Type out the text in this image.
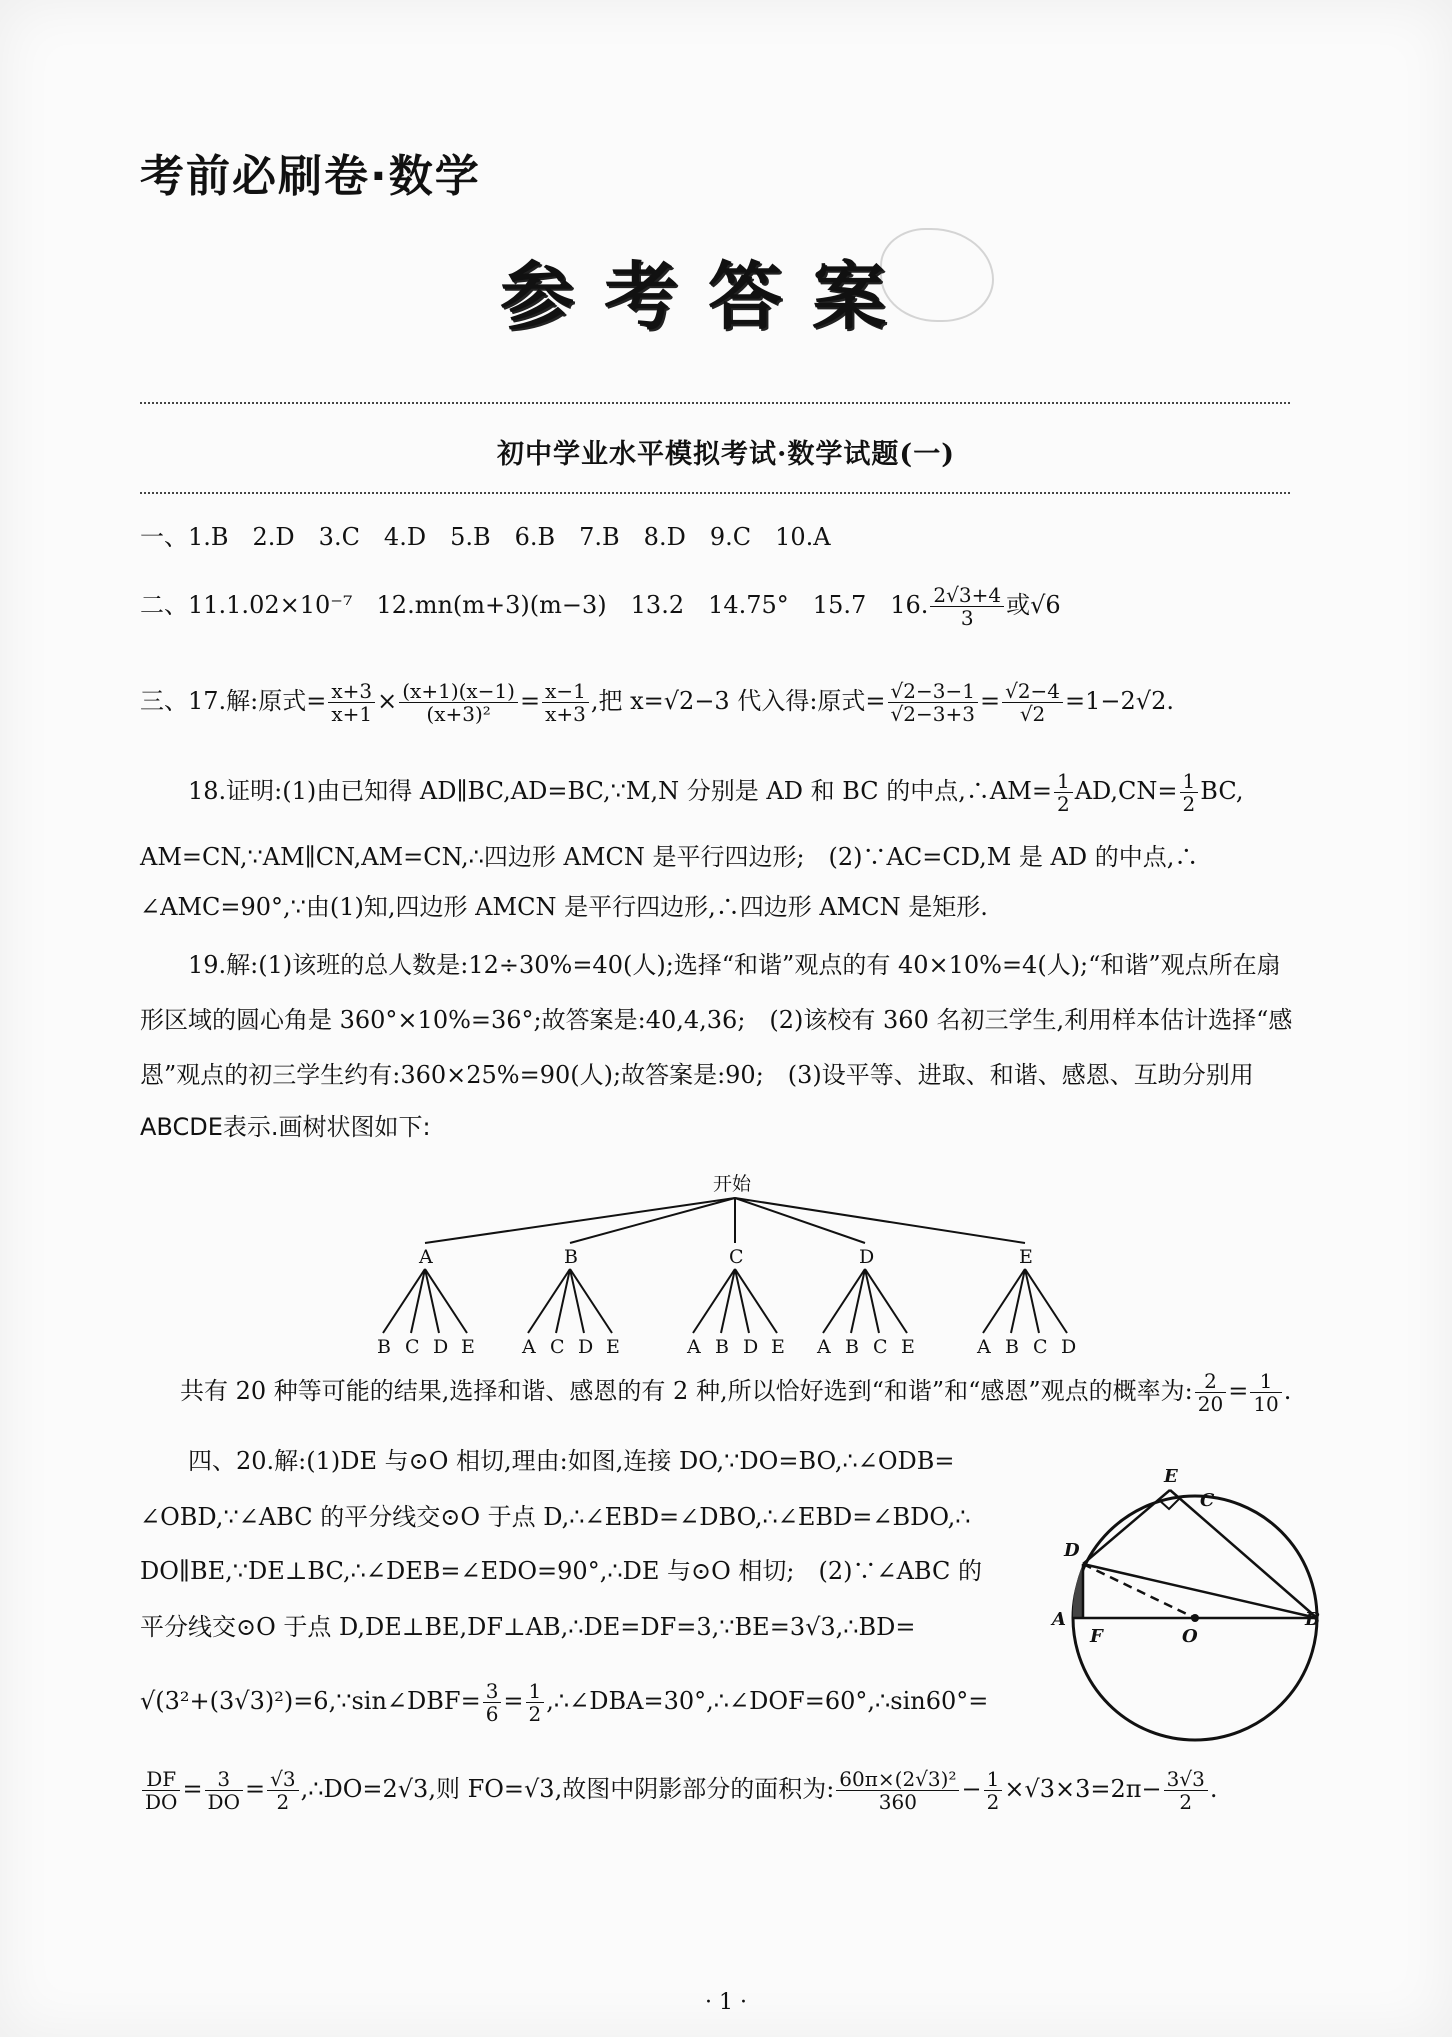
考前必刷卷·数学
参考答案
初中学业水平模拟考试·数学试题(一)
一、1.B　2.D　3.C　4.D　5.B　6.B　7.B　8.D　9.C　10.A
二、11.1.02×10⁻⁷　12.mn(m+3)(m−3)　13.2　14.75°　15.7　16. $\frac{2√3+4}{3}$ 或√6
三、17.解:原式= $\frac{x+3}{x+1} \times \frac{(x+1)(x-1)}{\text{(x+3)²}} = \frac{x-1}{x+3}$ ,把 x=√2−3 代入得:原式= $\frac{√2-3-1}{√2-3+3} = \frac{√2-4}{√2} =1-2√2$.
18.证明:(1)由已知得 AD∥BC,AD=BC,∵M,N 分别是 AD 和 BC 的中点,∴AM= $\frac{1}{2} AD,CN= \frac{1}{2}$ BC,
AM=CN,∵AM∥CN,AM=CN,∴四边形 AMCN 是平行四边形;　(2)∵AC=CD,M 是 AD 的中点,∴
∠AMC=90°,∵由(1)知,四边形 AMCN 是平行四边形,∴四边形 AMCN 是矩形.
19.解:(1)该班的总人数是:12÷30%=40(人);选择“和谐”观点的有 40×10%=4(人);“和谐”观点所在扇
形区域的圆心角是 360°×10%=36°;故答案是:40,4,36;　(2)该校有 360 名初三学生,利用样本估计选择“感
恩”观点的初三学生约有:360×25%=90(人);故答案是:90;　(3)设平等、进取、和谐、感恩、互助分别用
ABCDE表示.画树状图如下:
开始
A
B C D E
B
A C D E
C
A B D E
D
A B C E
E
A B C D
共有 20 种等可能的结果,选择和谐、感恩的有 2 种,所以恰好选到“和谐”和“感恩”观点的概率为: $\frac{2}{20} = \frac{1}{10}$ .
四、20.解:(1)DE 与⊙O 相切,理由:如图,连接 DO,∵DO=BO,∴∠ODB=
∠OBD,∵∠ABC 的平分线交⊙O 于点 D,∴∠EBD=∠DBO,∴∠EBD=∠BDO,∴
DO∥BE,∵DE⊥BC,∴∠DEB=∠EDO=90°,∴DE 与⊙O 相切;　(2)∵∠ABC 的
平分线交⊙O 于点 D,DE⊥BE,DF⊥AB,∴DE=DF=3,∵BE=3√3,∴BD=
√(3²+(3√3)²)=6,∵sin∠DBF= $\frac{3}{6} = \frac{1}{2}$ ,∴∠DBA=30°,∴∠DOF=60°,∴sin60°=
$\frac{DF}{DO} = \frac{3}{DO} = \frac{√3}{2}$ ,∴DO=2√3,则 FO=√3,故图中阴影部分的面积为: $\frac{\text{60π×(2√3)²}}{360} - \frac{1}{2} \times√3\times 3=2\pi- \frac{3√3}{2}$ .
E
C
D
A
F	O
B
· 1 ·
